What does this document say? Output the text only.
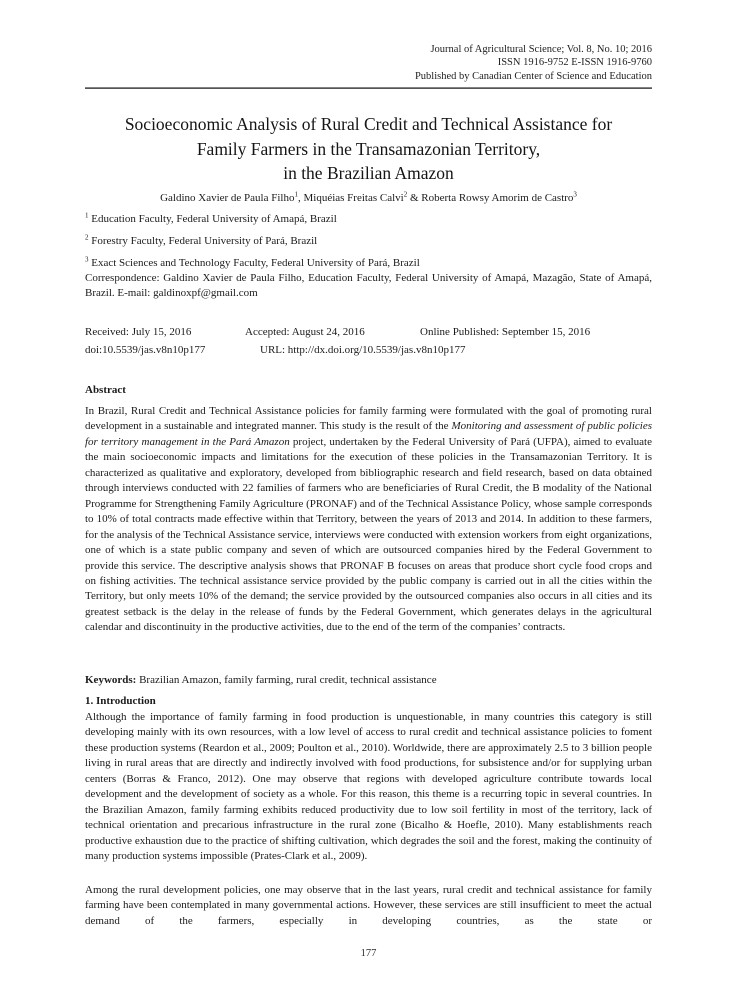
Journal of Agricultural Science; Vol. 8, No. 10; 2016
ISSN 1916-9752 E-ISSN 1916-9760
Published by Canadian Center of Science and Education
Socioeconomic Analysis of Rural Credit and Technical Assistance for
Family Farmers in the Transamazonian Territory,
in the Brazilian Amazon
Galdino Xavier de Paula Filho$^1$, Miquéias Freitas Calvi$^2$ & Roberta Rowsy Amorim de Castro$^3$
$^1$ Education Faculty, Federal University of Amapá, Brazil
$^2$ Forestry Faculty, Federal University of Pará, Brazil
$^3$ Exact Sciences and Technology Faculty, Federal University of Pará, Brazil

Correspondence: Galdino Xavier de Paula Filho, Education Faculty, Federal University of Amapá, Mazagão, State of Amapá, Brazil. E-mail: galdinoxpf@gmail.com

Received: July 15, 2016	Accepted: August 24, 2016	Online Published: September 15, 2016
doi:10.5539/jas.v8n10p177	URL: http://dx.doi.org/10.5539/jas.v8n10p177
Abstract

In Brazil, Rural Credit and Technical Assistance policies for family farming were formulated with the goal of promoting rural development in a sustainable and integrated manner. This study is the result of the Monitoring and assessment of public policies for territory management in the Pará Amazon project, undertaken by the Federal University of Pará (UFPA), aimed to evaluate the main socioeconomic impacts and limitations for the execution of these policies in the Transamazonian Territory. It is characterized as qualitative and exploratory, developed from bibliographic research and field research, based on data obtained through interviews conducted with 22 families of farmers who are beneficiaries of Rural Credit, the B modality of the National Programme for Strengthening Family Agriculture (PRONAF) and of the Technical Assistance Policy, whose sample corresponds to 10% of total contracts made effective within that Territory, between the years of 2013 and 2014. In addition to these farmers, for the analysis of the Technical Assistance service, interviews were conducted with extension workers from eight organizations, one of which is a state public company and seven of which are outsourced companies hired by the Federal Government to provide this service. The descriptive analysis shows that PRONAF B focuses on areas that produce short cycle food crops and on fishing activities. The technical assistance service provided by the public company is carried out in all the cities within the Territory, but only meets 10% of the demand; the service provided by the outsourced companies also occurs in all cities and its greatest setback is the delay in the release of funds by the Federal Government, which generates delays in the agricultural calendar and discontinuity in the productive activities, due to the end of the term of the companies’ contracts.

Keywords: Brazilian Amazon, family farming, rural credit, technical assistance

1. Introduction

Although the importance of family farming in food production is unquestionable, in many countries this category is still developing mainly with its own resources, with a low level of access to rural credit and technical assistance policies to foment these production systems (Reardon et al., 2009; Poulton et al., 2010). Worldwide, there are approximately 2.5 to 3 billion people living in rural areas that are directly and indirectly involved with food productions, for subsistence and/or for supplying urban centers (Borras & Franco, 2012). One may observe that regions with developed agriculture contribute towards local development and the development of society as a whole. For this reason, this theme is a recurring topic in several countries. In the Brazilian Amazon, family farming exhibits reduced productivity due to low soil fertility in most of the territory, lack of technical orientation and precarious infrastructure in the rural zone (Bicalho & Hoefle, 2010). Many establishments reach productive exhaustion due to the practice of shifting cultivation, which degrades the soil and the forest, making the continuity of many production systems impossible (Prates-Clark et al., 2009).

Among the rural development policies, one may observe that in the last years, rural credit and technical assistance for family farming have been contemplated in many governmental actions. However, these services are still insufficient to meet the actual demand of the farmers, especially in developing countries, as the state or

177
